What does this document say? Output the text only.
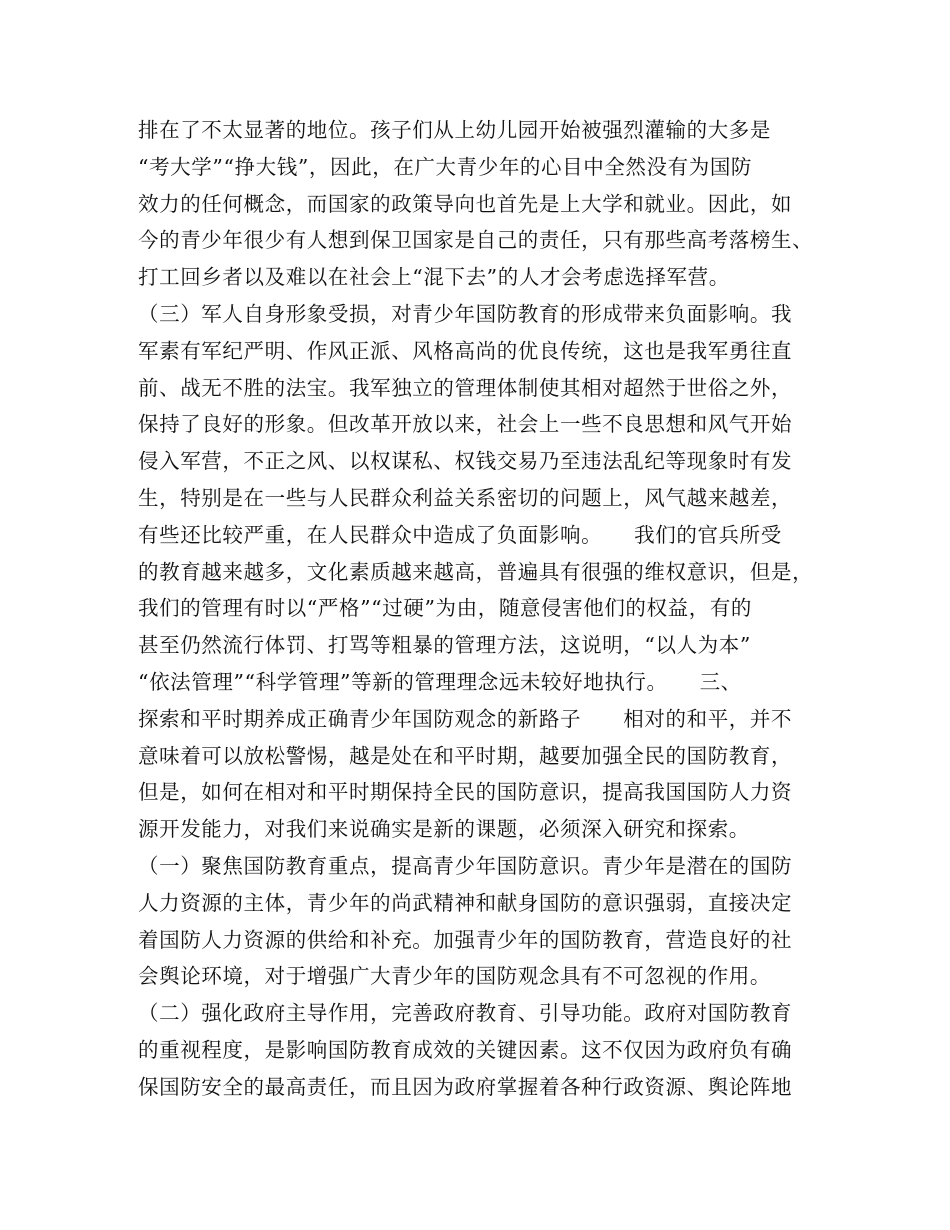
排在了不太显著的地位。孩子们从上幼儿园开始被强烈灌输的大多是
“考大学”“挣大钱”，因此，在广大青少年的心目中全然没有为国防
效力的任何概念，而国家的政策导向也首先是上大学和就业。因此，如
今的青少年很少有人想到保卫国家是自己的责任，只有那些高考落榜生、
打工回乡者以及难以在社会上“混下去”的人才会考虑选择军营。
（三）军人自身形象受损，对青少年国防教育的形成带来负面影响。我
军素有军纪严明、作风正派、风格高尚的优良传统，这也是我军勇往直
前、战无不胜的法宝。我军独立的管理体制使其相对超然于世俗之外，
保持了良好的形象。但改革开放以来，社会上一些不良思想和风气开始
侵入军营，不正之风、以权谋私、权钱交易乃至违法乱纪等现象时有发
生，特别是在一些与人民群众利益关系密切的问题上，风气越来越差，
有些还比较严重，在人民群众中造成了负面影响。　　我们的官兵所受
的教育越来越多，文化素质越来越高，普遍具有很强的维权意识，但是，
我们的管理有时以“严格”“过硬”为由，随意侵害他们的权益，有的
甚至仍然流行体罚、打骂等粗暴的管理方法，这说明，“以人为本”
“依法管理”“科学管理”等新的管理理念远未较好地执行。　　三、
探索和平时期养成正确青少年国防观念的新路子　　相对的和平，并不
意味着可以放松警惕，越是处在和平时期，越要加强全民的国防教育，
但是，如何在相对和平时期保持全民的国防意识，提高我国国防人力资
源开发能力，对我们来说确实是新的课题，必须深入研究和探索。
（一）聚焦国防教育重点，提高青少年国防意识。青少年是潜在的国防
人力资源的主体，青少年的尚武精神和献身国防的意识强弱，直接决定
着国防人力资源的供给和补充。加强青少年的国防教育，营造良好的社
会舆论环境，对于增强广大青少年的国防观念具有不可忽视的作用。
（二）强化政府主导作用，完善政府教育、引导功能。政府对国防教育
的重视程度，是影响国防教育成效的关键因素。这不仅因为政府负有确
保国防安全的最高责任，而且因为政府掌握着各种行政资源、舆论阵地
